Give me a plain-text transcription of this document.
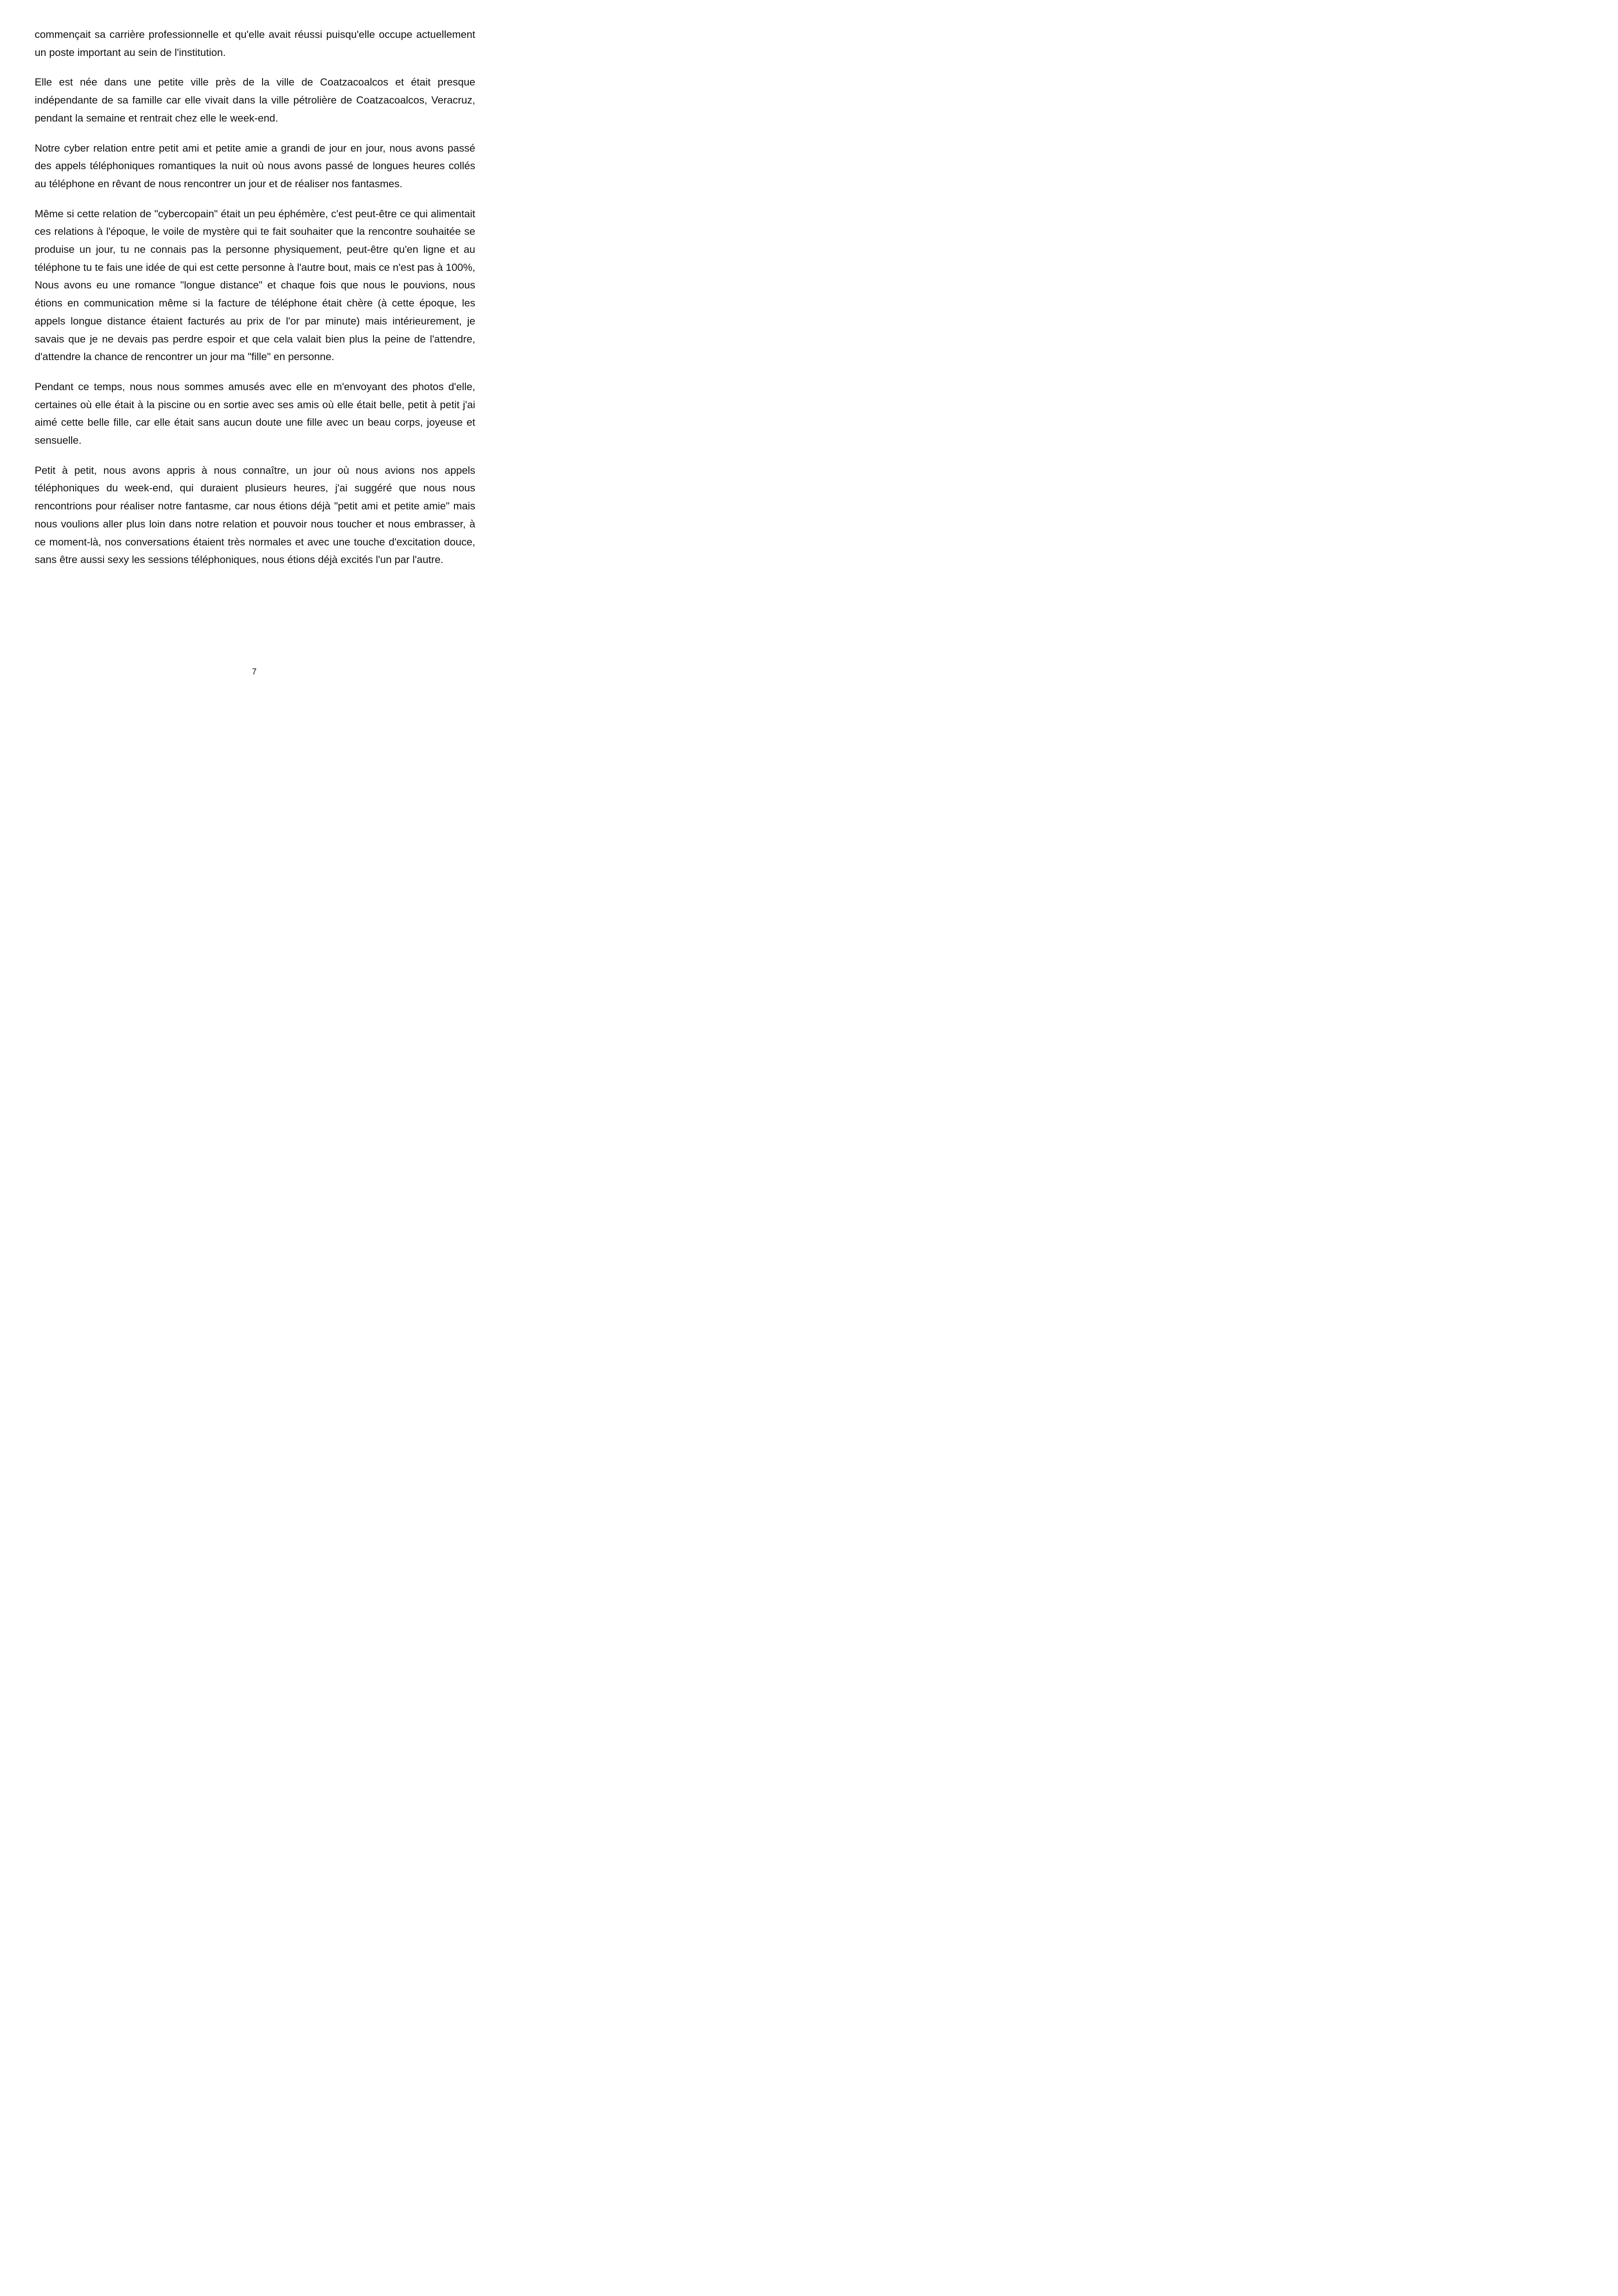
commençait sa carrière professionnelle et qu'elle avait réussi puisqu'elle occupe actuellement un poste important au sein de l'institution.

Elle est née dans une petite ville près de la ville de Coatzacoalcos et était presque indépendante de sa famille car elle vivait dans la ville pétrolière de Coatzacoalcos, Veracruz, pendant la semaine et rentrait chez elle le week-end.

Notre cyber relation entre petit ami et petite amie a grandi de jour en jour, nous avons passé des appels téléphoniques romantiques la nuit où nous avons passé de longues heures collés au téléphone en rêvant de nous rencontrer un jour et de réaliser nos fantasmes.

Même si cette relation de "cybercopain" était un peu éphémère, c'est peut-être ce qui alimentait ces relations à l'époque, le voile de mystère qui te fait souhaiter que la rencontre souhaitée se produise un jour, tu ne connais pas la personne physiquement, peut-être qu'en ligne et au téléphone tu te fais une idée de qui est cette personne à l'autre bout, mais ce n'est pas à 100%, Nous avons eu une romance "longue distance" et chaque fois que nous le pouvions, nous étions en communication même si la facture de téléphone était chère (à cette époque, les appels longue distance étaient facturés au prix de l'or par minute) mais intérieurement, je savais que je ne devais pas perdre espoir et que cela valait bien plus la peine de l'attendre, d'attendre la chance de rencontrer un jour ma "fille" en personne.

Pendant ce temps, nous nous sommes amusés avec elle en m'envoyant des photos d'elle, certaines où elle était à la piscine ou en sortie avec ses amis où elle était belle, petit à petit j'ai aimé cette belle fille, car elle était sans aucun doute une fille avec un beau corps, joyeuse et sensuelle.

Petit à petit, nous avons appris à nous connaître, un jour où nous avions nos appels téléphoniques du week-end, qui duraient plusieurs heures, j'ai suggéré que nous nous rencontrions pour réaliser notre fantasme, car nous étions déjà "petit ami et petite amie" mais nous voulions aller plus loin dans notre relation et pouvoir nous toucher et nous embrasser, à ce moment-là, nos conversations étaient très normales et avec une touche d'excitation douce, sans être aussi sexy les sessions téléphoniques, nous étions déjà excités l'un par l'autre.

7
